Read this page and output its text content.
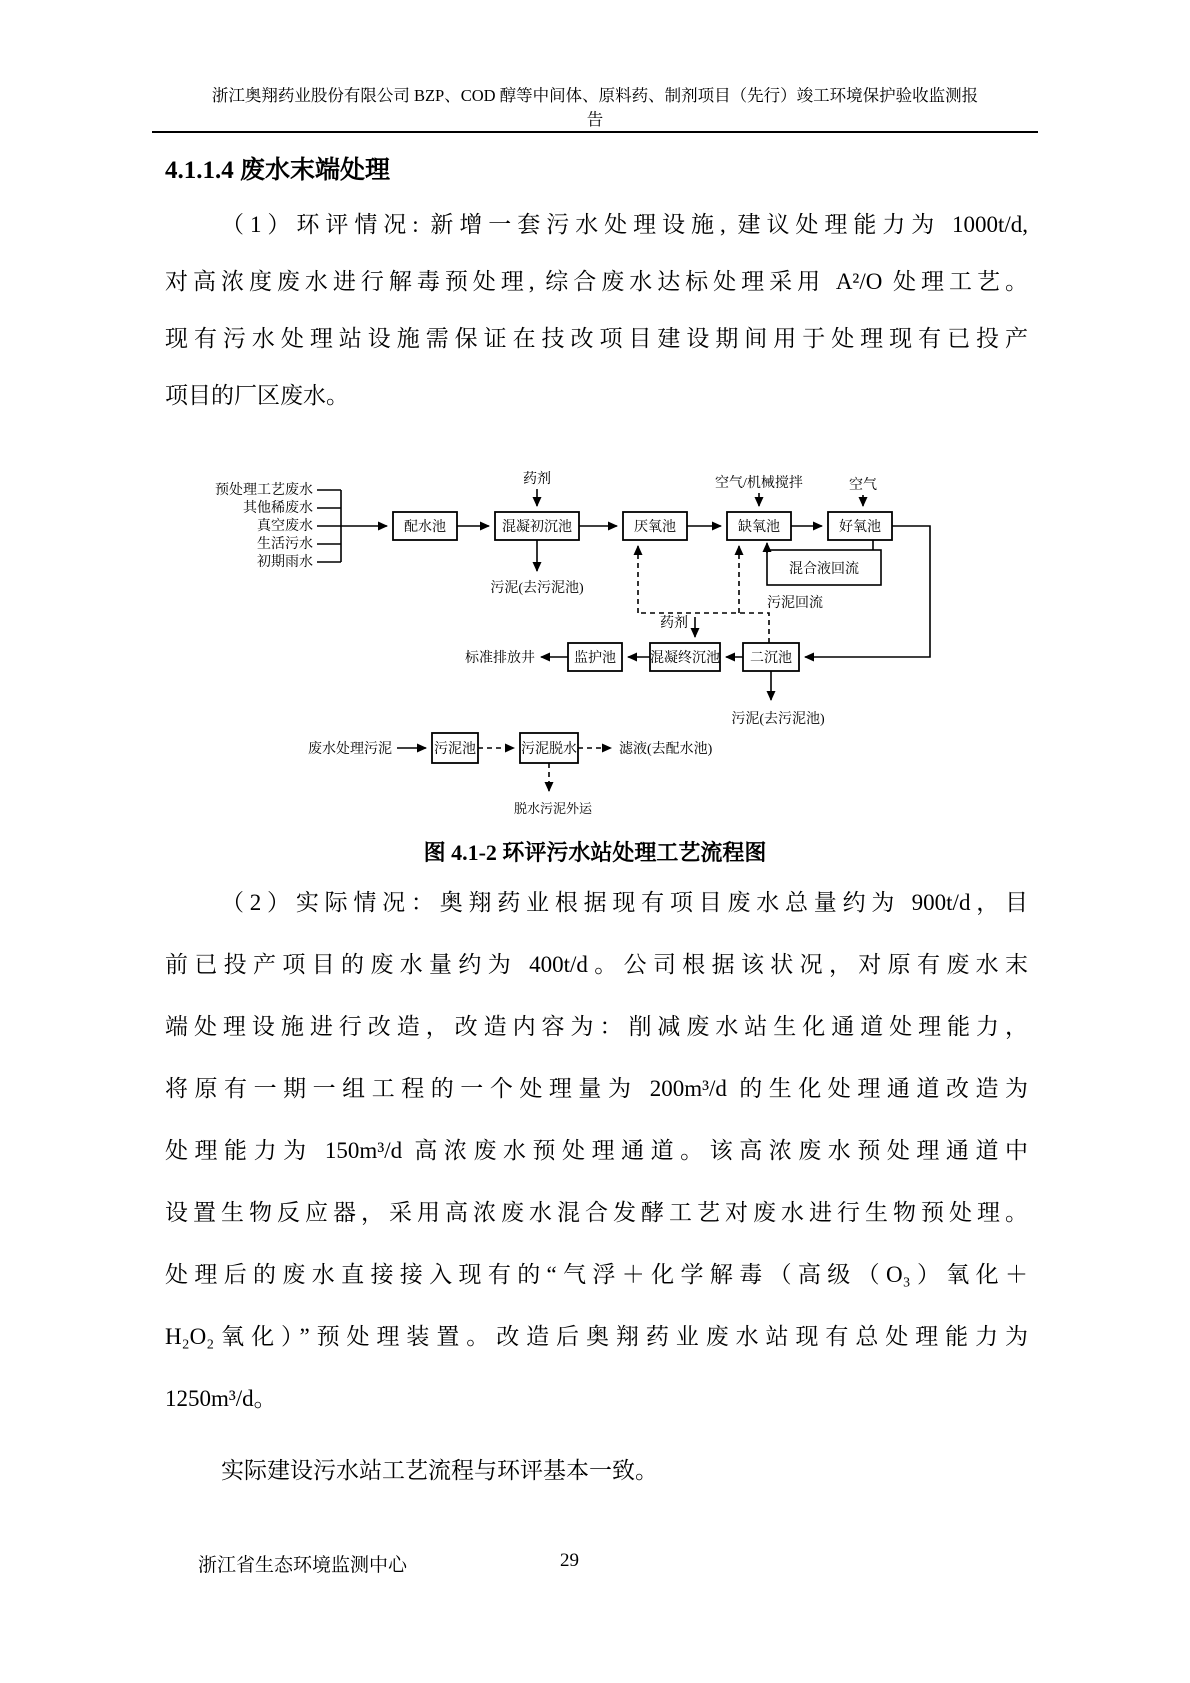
浙江奥翔药业股份有限公司 BZP、COD 醇等中间体、原料药、制剂项目（先行）竣工环境保护验收监测报
告
4.1.1.4 废水末端处理
（1）环评情况: 新增一套污水处理设施, 建议处理能力为 1000t/d,
对高浓度废水进行解毒预处理, 综合废水达标处理采用 A²/O 处理工艺。
现有污水处理站设施需保证在技改项目建设期间用于处理现有已投产
项目的厂区废水。
预处理工艺废水
其他稀废水
真空废水
生活污水
初期雨水
配水池	混凝初沉池	厌氧池	缺氧池	好氧池
药剂	空气/机械搅拌	空气
污泥(去污泥池)
混合液回流
污泥回流
药剂
二沉池
混凝终沉池
监护池
标准排放井
污泥(去污泥池)
废水处理污泥	污泥池	污泥脱水	滤液(去配水池)
脱水污泥外运
图 4.1-2 环评污水站处理工艺流程图
（2）实际情况：奥翔药业根据现有项目废水总量约为 900t/d，目
前已投产项目的废水量约为 400t/d。公司根据该状况，对原有废水末
端处理设施进行改造，改造内容为：削减废水站生化通道处理能力，
将原有一期一组工程的一个处理量为 200m³/d 的生化处理通道改造为
处理能力为 150m³/d 高浓废水预处理通道。该高浓废水预处理通道中
设置生物反应器，采用高浓废水混合发酵工艺对废水进行生物预处理。
处理后的废水直接接入现有的“气浮＋化学解毒（高级（O₃）氧化＋
H₂O₂氧化）”预处理装置。改造后奥翔药业废水站现有总处理能力为
1250m³/d。
实际建设污水站工艺流程与环评基本一致。
浙江省生态环境监测中心	29
